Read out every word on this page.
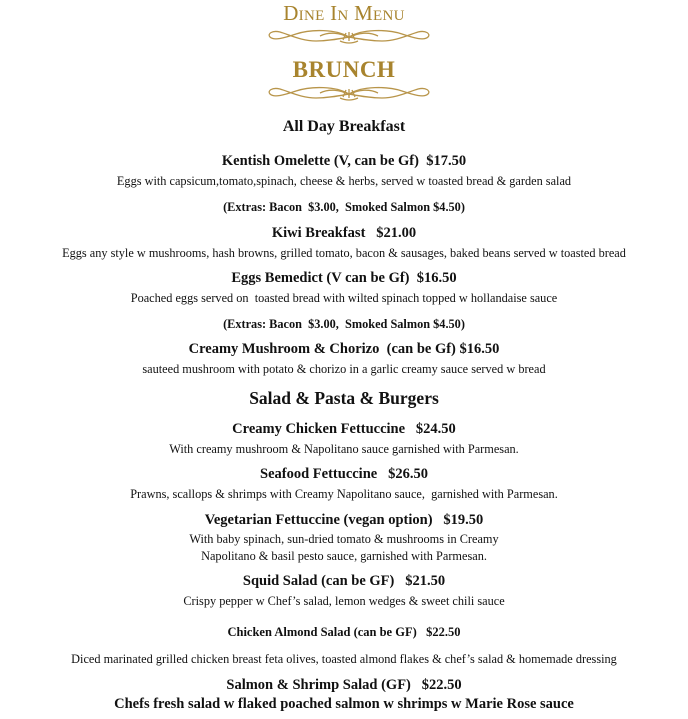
Dine In Menu
BRUNCH
All Day Breakfast
Kentish Omelette (V, can be Gf)  $17.50
Eggs with capsicum,tomato,spinach, cheese & herbs, served w toasted bread & garden salad
(Extras: Bacon  $3.00,  Smoked Salmon $4.50)
Kiwi Breakfast   $21.00
Eggs any style w mushrooms, hash browns, grilled tomato, bacon & sausages, baked beans served w toasted bread
Eggs Bemedict (V can be Gf)  $16.50
Poached eggs served on  toasted bread with wilted spinach topped w hollandaise sauce
(Extras: Bacon  $3.00,  Smoked Salmon $4.50)
Creamy Mushroom & Chorizo  (can be Gf) $16.50
sauteed mushroom with potato & chorizo in a garlic creamy sauce served w bread
Salad & Pasta & Burgers
Creamy Chicken Fettuccine   $24.50
With creamy mushroom & Napolitano sauce garnished with Parmesan.
Seafood Fettuccine   $26.50
Prawns, scallops & shrimps with Creamy Napolitano sauce,  garnished with Parmesan.
Vegetarian Fettuccine (vegan option)   $19.50
With baby spinach, sun-dried tomato & mushrooms in Creamy
Napolitano & basil pesto sauce, garnished with Parmesan.
Squid Salad (can be GF)   $21.50
Crispy pepper w Chef’s salad, lemon wedges & sweet chili sauce
Chicken Almond Salad (can be GF)   $22.50
Diced marinated grilled chicken breast feta olives, toasted almond flakes & chef’s salad & homemade dressing
Salmon & Shrimp Salad (GF)   $22.50
Chefs fresh salad w flaked poached salmon w shrimps w Marie Rose sauce
